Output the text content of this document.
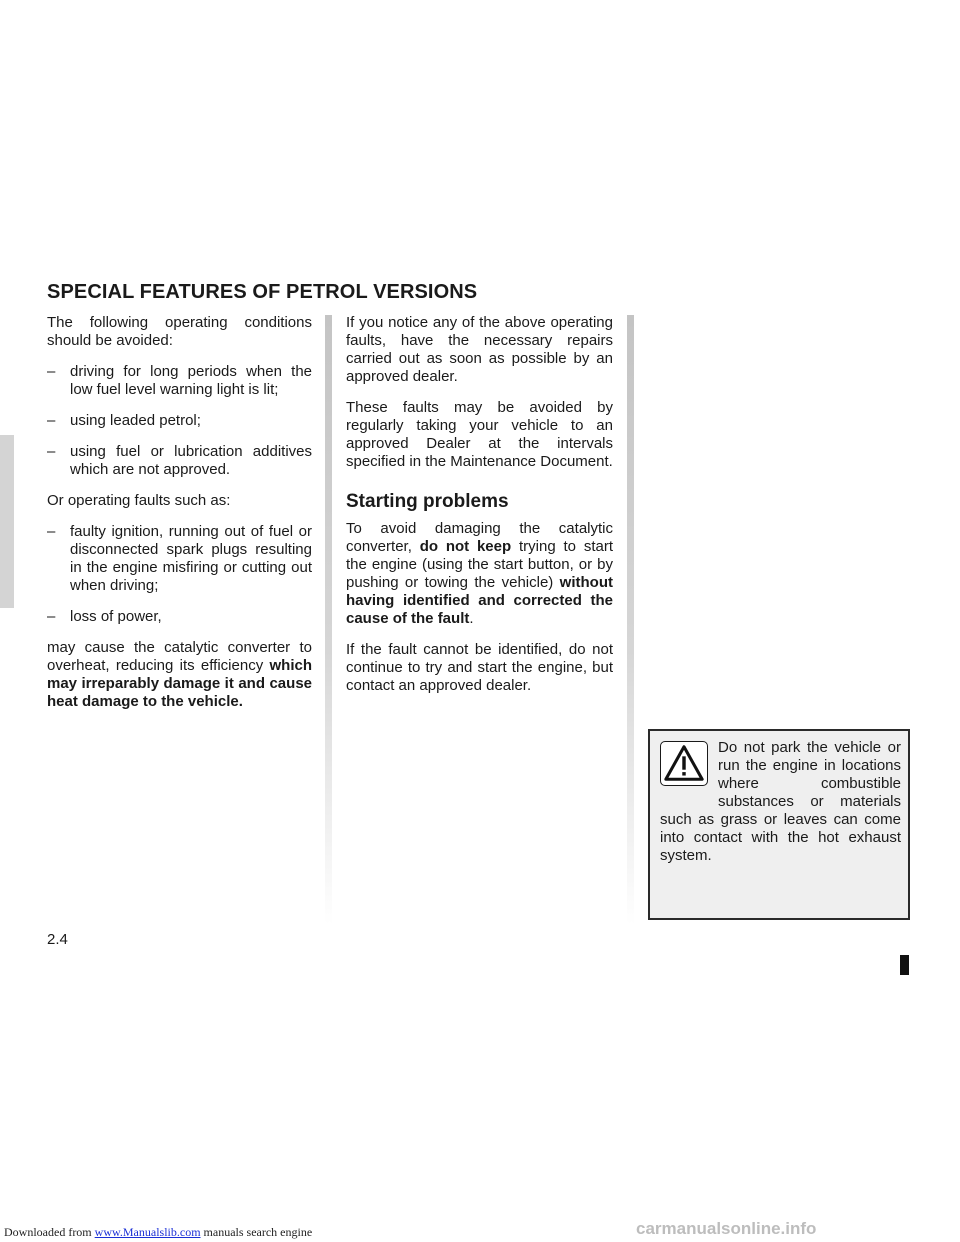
SPECIAL FEATURES OF PETROL VERSIONS

The following operating conditions should be avoided:

– driving for long periods when the low fuel level warning light is lit;

– using leaded petrol;

– using fuel or lubrication additives which are not approved.

Or operating faults such as:

– faulty ignition, running out of fuel or disconnected spark plugs resulting in the engine misfiring or cutting out when driving;

– loss of power,

may cause the catalytic converter to overheat, reducing its efficiency which may irreparably damage it and cause heat damage to the vehicle.

If you notice any of the above operating faults, have the necessary repairs carried out as soon as possible by an approved dealer.

These faults may be avoided by regularly taking your vehicle to an approved Dealer at the intervals specified in the Maintenance Document.

Starting problems

To avoid damaging the catalytic converter, do not keep trying to start the engine (using the start button, or by pushing or towing the vehicle) without having identified and corrected the cause of the fault.

If the fault cannot be identified, do not continue to try and start the engine, but contact an approved dealer.

Do not park the vehicle or run the engine in locations where combustible substances or materials such as grass or leaves can come into contact with the hot exhaust system.

2.4
Downloaded from www.Manualslib.com manuals search engine	carmanualsonline.info
